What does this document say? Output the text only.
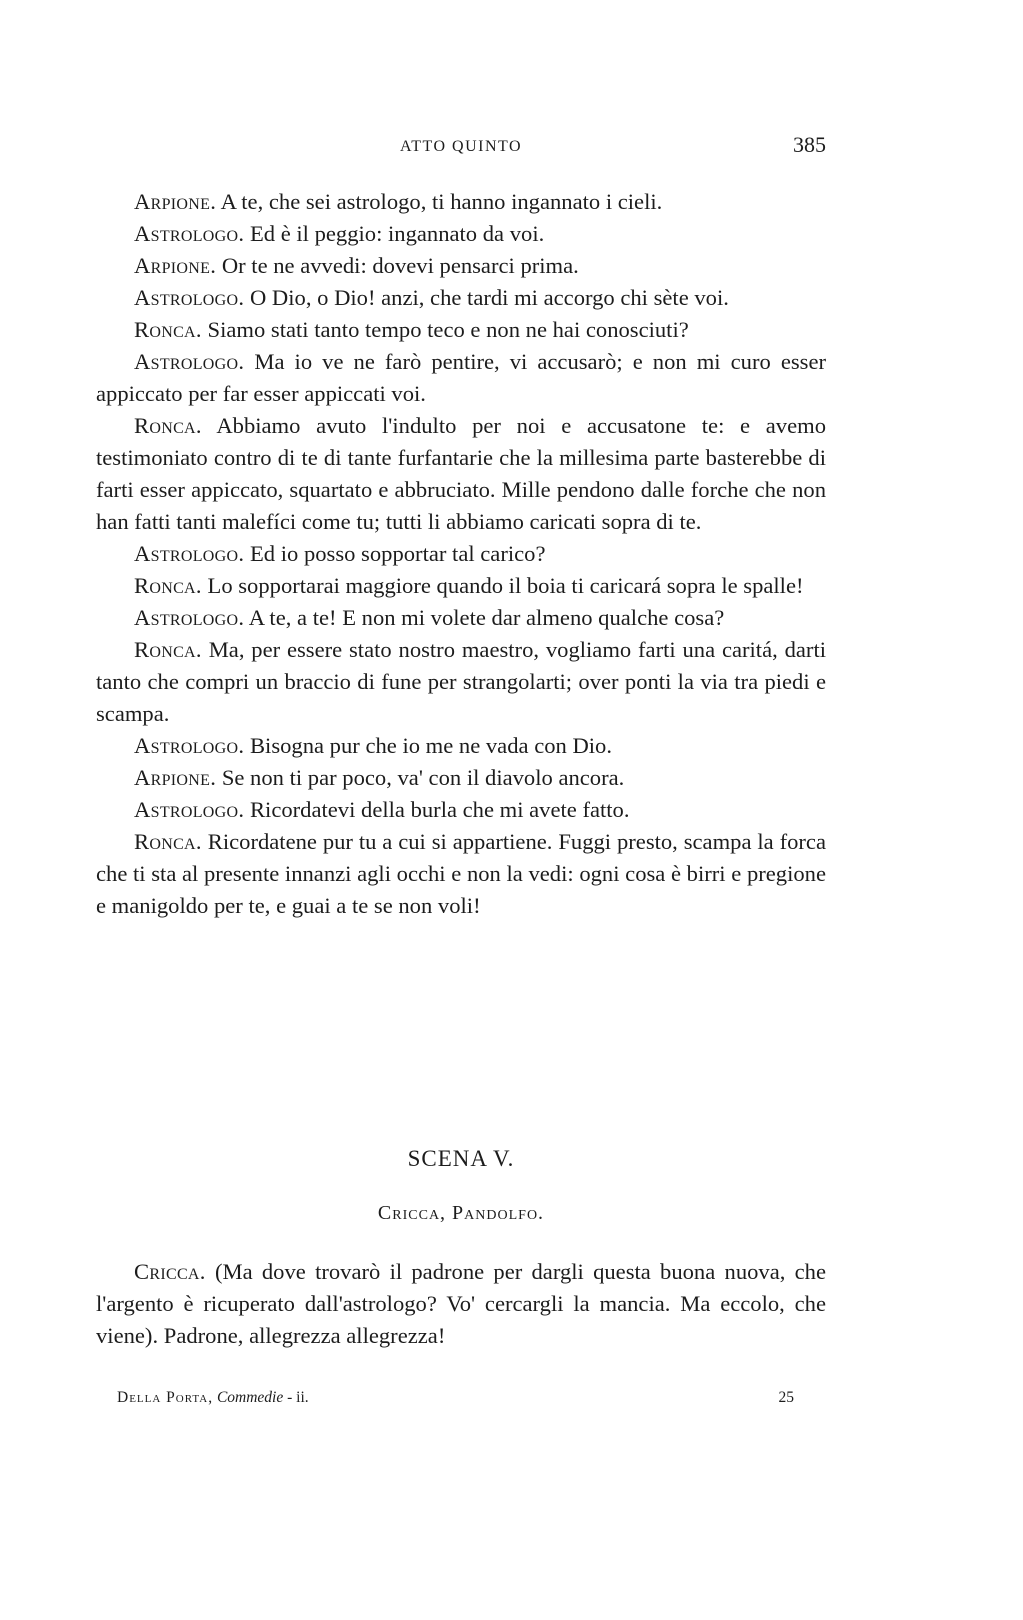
ATTO QUINTO	385

Arpione. A te, che sei astrologo, ti hanno ingannato i cieli.

Astrologo. Ed è il peggio: ingannato da voi.

Arpione. Or te ne avvedi: dovevi pensarci prima.

Astrologo. O Dio, o Dio! anzi, che tardi mi accorgo chi sète voi.

Ronca. Siamo stati tanto tempo teco e non ne hai conosciuti?

Astrologo. Ma io ve ne farò pentire, vi accusarò; e non mi curo esser appiccato per far esser appiccati voi.

Ronca. Abbiamo avuto l'indulto per noi e accusatone te: e avemo testimoniato contro di te di tante furfantarie che la millesima parte basterebbe di farti esser appiccato, squartato e abbruciato. Mille pendono dalle forche che non han fatti tanti malefíci come tu; tutti li abbiamo caricati sopra di te.

Astrologo. Ed io posso sopportar tal carico?

Ronca. Lo sopportarai maggiore quando il boia ti caricará sopra le spalle!

Astrologo. A te, a te! E non mi volete dar almeno qualche cosa?

Ronca. Ma, per essere stato nostro maestro, vogliamo farti una caritá, darti tanto che compri un braccio di fune per strangolarti; over ponti la via tra piedi e scampa.

Astrologo. Bisogna pur che io me ne vada con Dio.

Arpione. Se non ti par poco, va' con il diavolo ancora.

Astrologo. Ricordatevi della burla che mi avete fatto.

Ronca. Ricordatene pur tu a cui si appartiene. Fuggi presto, scampa la forca che ti sta al presente innanzi agli occhi e non la vedi: ogni cosa è birri e pregione e manigoldo per te, e guai a te se non voli!

SCENA V.
Cricca, Pandolfo.

Cricca. (Ma dove trovarò il padrone per dargli questa buona nuova, che l'argento è ricuperato dall'astrologo? Vo' cercargli la mancia. Ma eccolo, che viene). Padrone, allegrezza allegrezza!

Della Porta, Commedie - ii.	25
